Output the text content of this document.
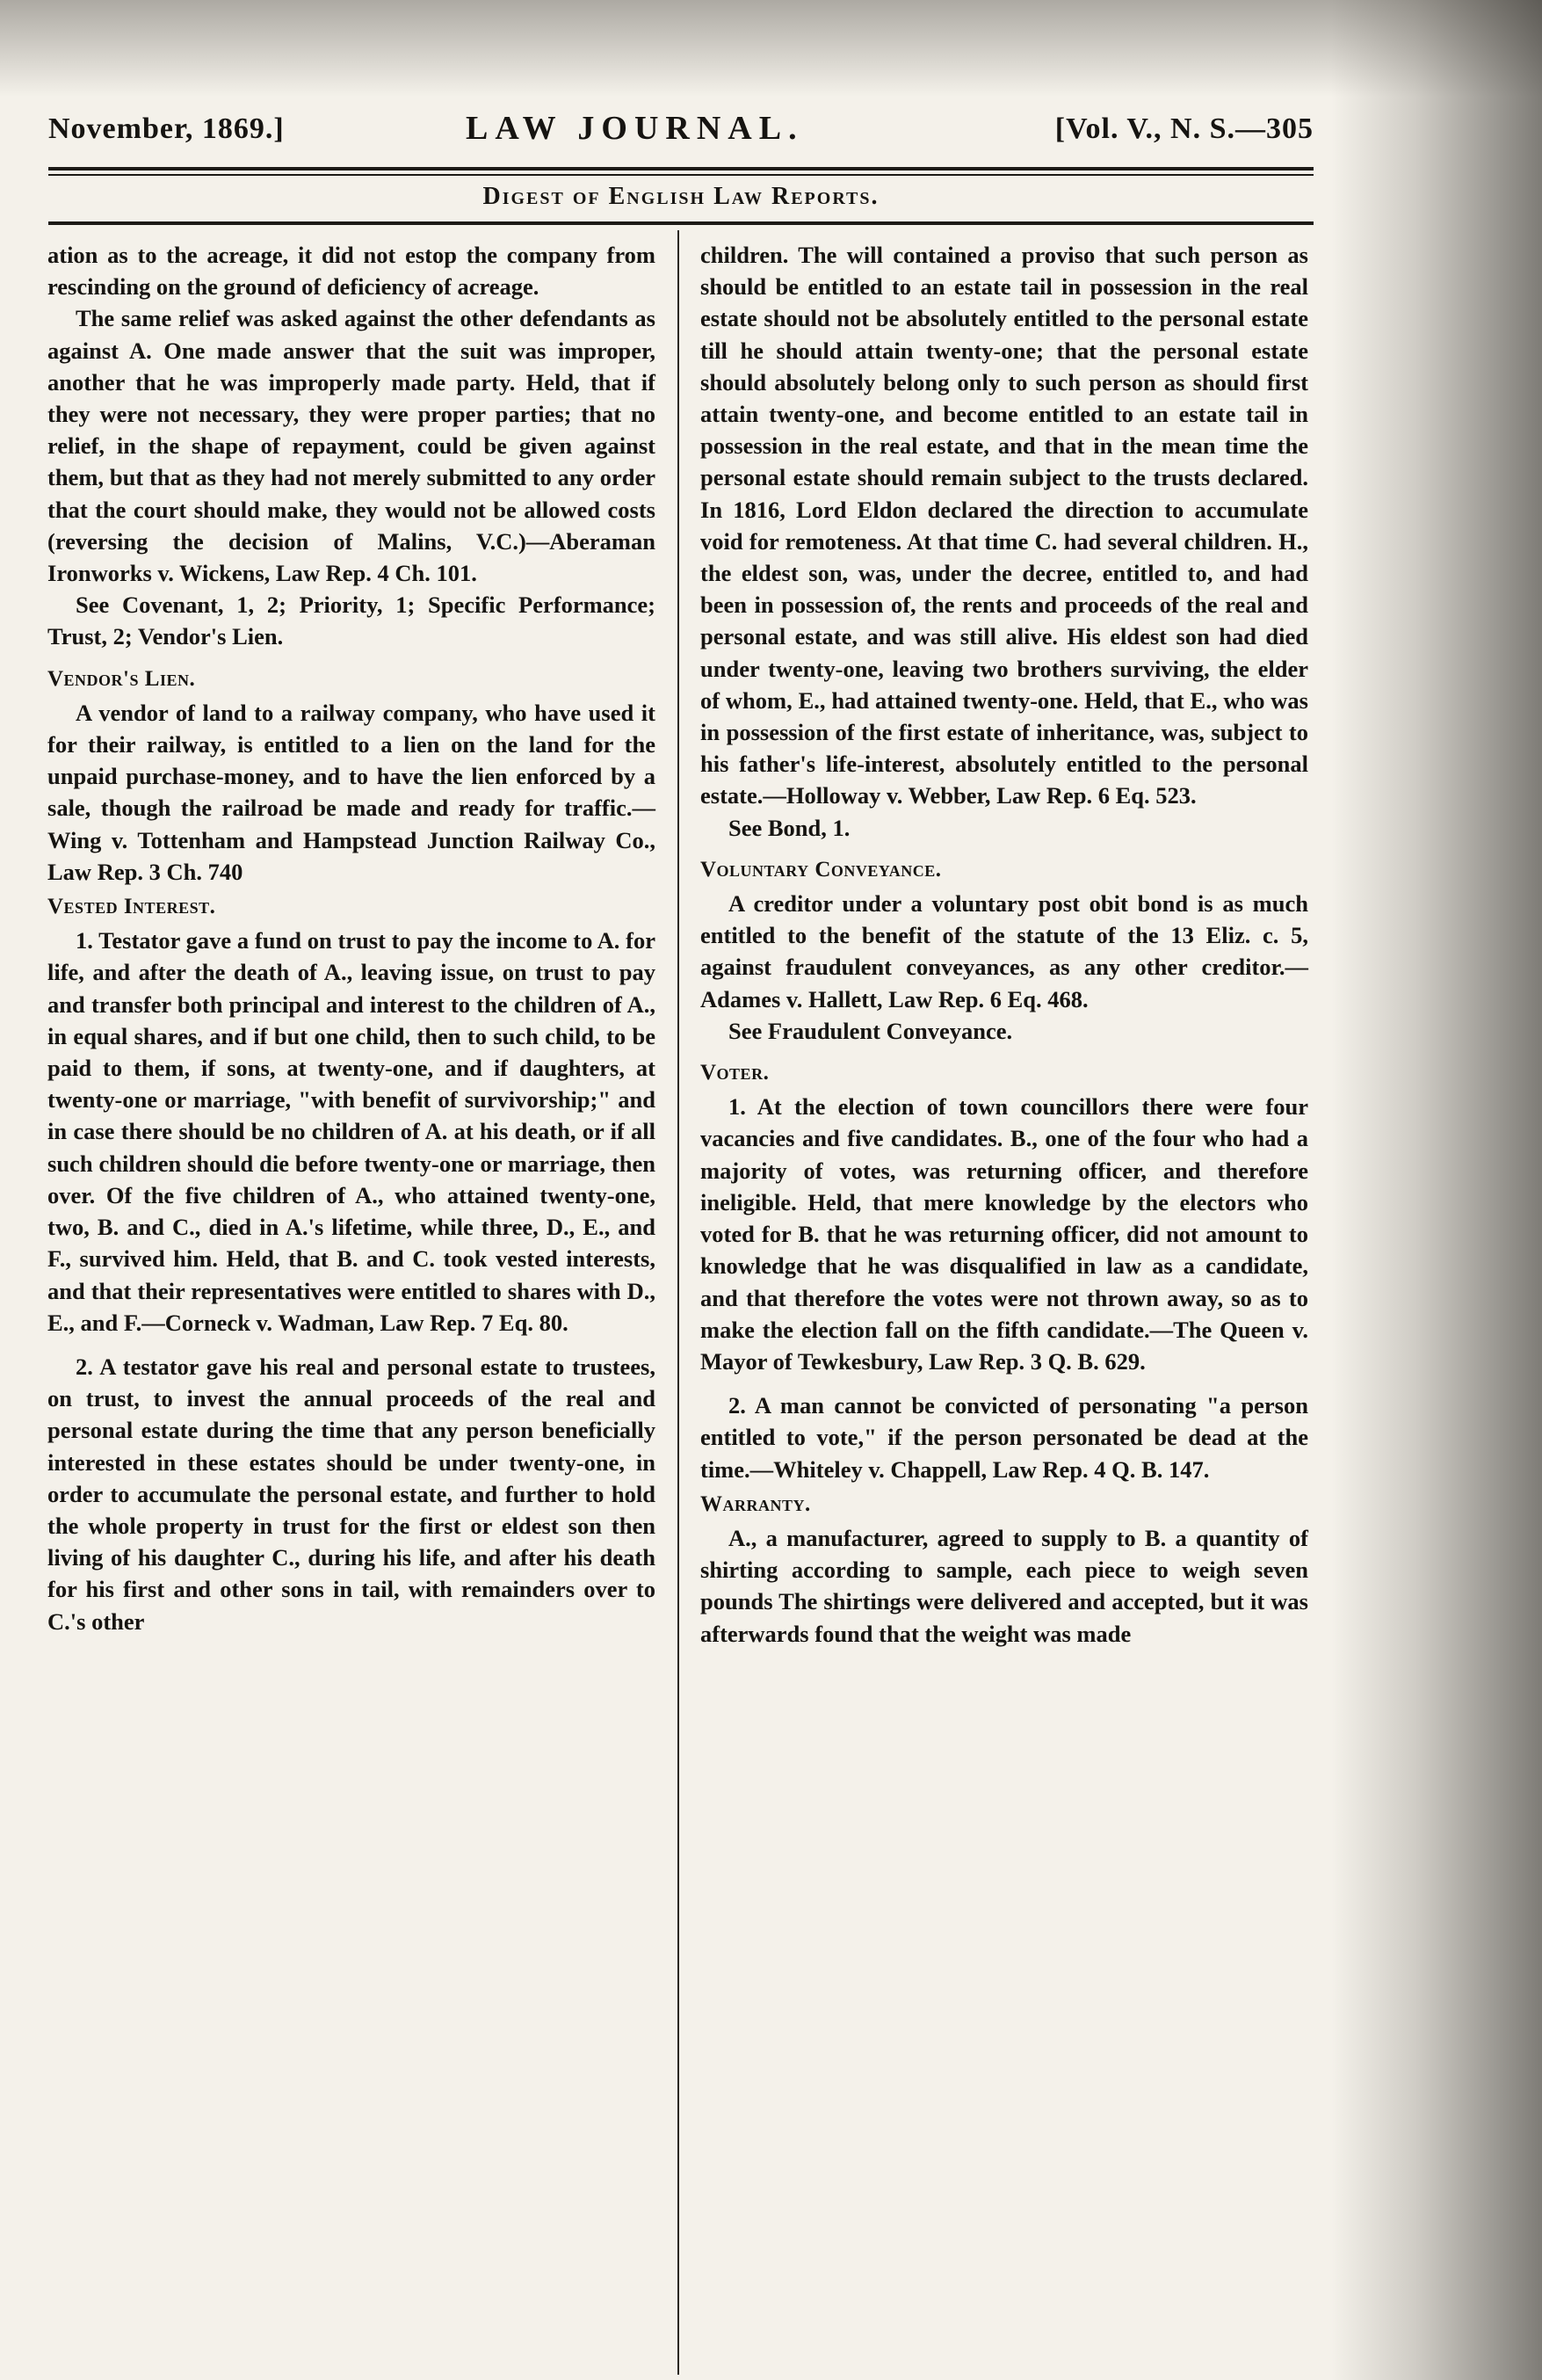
November, 1869.]	LAW JOURNAL.	[Vol. V., N. S.—305
Digest of English Law Reports.

ation as to the acreage, it did not estop the company from rescinding on the ground of deficiency of acreage.

The same relief was asked against the other defendants as against A. One made answer that the suit was improper, another that he was improperly made party. Held, that if they were not necessary, they were proper parties; that no relief, in the shape of repayment, could be given against them, but that as they had not merely submitted to any order that the court should make, they would not be allowed costs (reversing the decision of Malins, V.C.)—Aberaman Ironworks v. Wickens, Law Rep. 4 Ch. 101.

See Covenant, 1, 2; Priority, 1; Specific Performance; Trust, 2; Vendor's Lien.

Vendor's Lien.

A vendor of land to a railway company, who have used it for their railway, is entitled to a lien on the land for the unpaid purchase-money, and to have the lien enforced by a sale, though the railroad be made and ready for traffic.—Wing v. Tottenham and Hampstead Junction Railway Co., Law Rep. 3 Ch. 740

Vested Interest.

1. Testator gave a fund on trust to pay the income to A. for life, and after the death of A., leaving issue, on trust to pay and transfer both principal and interest to the children of A., in equal shares, and if but one child, then to such child, to be paid to them, if sons, at twenty-one, and if daughters, at twenty-one or marriage, "with benefit of survivorship;" and in case there should be no children of A. at his death, or if all such children should die before twenty-one or marriage, then over. Of the five children of A., who attained twenty-one, two, B. and C., died in A.'s lifetime, while three, D., E., and F., survived him. Held, that B. and C. took vested interests, and that their representatives were entitled to shares with D., E., and F.—Corneck v. Wadman, Law Rep. 7 Eq. 80.

2. A testator gave his real and personal estate to trustees, on trust, to invest the annual proceeds of the real and personal estate during the time that any person beneficially interested in these estates should be under twenty-one, in order to accumulate the personal estate, and further to hold the whole property in trust for the first or eldest son then living of his daughter C., during his life, and after his death for his first and other sons in tail, with remainders over to C.'s other

children. The will contained a proviso that such person as should be entitled to an estate tail in possession in the real estate should not be absolutely entitled to the personal estate till he should attain twenty-one; that the personal estate should absolutely belong only to such person as should first attain twenty-one, and become entitled to an estate tail in possession in the real estate, and that in the mean time the personal estate should remain subject to the trusts declared. In 1816, Lord Eldon declared the direction to accumulate void for remoteness. At that time C. had several children. H., the eldest son, was, under the decree, entitled to, and had been in possession of, the rents and proceeds of the real and personal estate, and was still alive. His eldest son had died under twenty-one, leaving two brothers surviving, the elder of whom, E., had attained twenty-one. Held, that E., who was in possession of the first estate of inheritance, was, subject to his father's life-interest, absolutely entitled to the personal estate.—Holloway v. Webber, Law Rep. 6 Eq. 523.

See Bond, 1.

Voluntary Conveyance.

A creditor under a voluntary post obit bond is as much entitled to the benefit of the statute of the 13 Eliz. c. 5, against fraudulent conveyances, as any other creditor.—Adames v. Hallett, Law Rep. 6 Eq. 468.

See Fraudulent Conveyance.

Voter.

1. At the election of town councillors there were four vacancies and five candidates. B., one of the four who had a majority of votes, was returning officer, and therefore ineligible. Held, that mere knowledge by the electors who voted for B. that he was returning officer, did not amount to knowledge that he was disqualified in law as a candidate, and that therefore the votes were not thrown away, so as to make the election fall on the fifth candidate.—The Queen v. Mayor of Tewkesbury, Law Rep. 3 Q. B. 629.

2. A man cannot be convicted of personating "a person entitled to vote," if the person personated be dead at the time.—Whiteley v. Chappell, Law Rep. 4 Q. B. 147.

Warranty.

A., a manufacturer, agreed to supply to B. a quantity of shirting according to sample, each piece to weigh seven pounds The shirtings were delivered and accepted, but it was afterwards found that the weight was made
